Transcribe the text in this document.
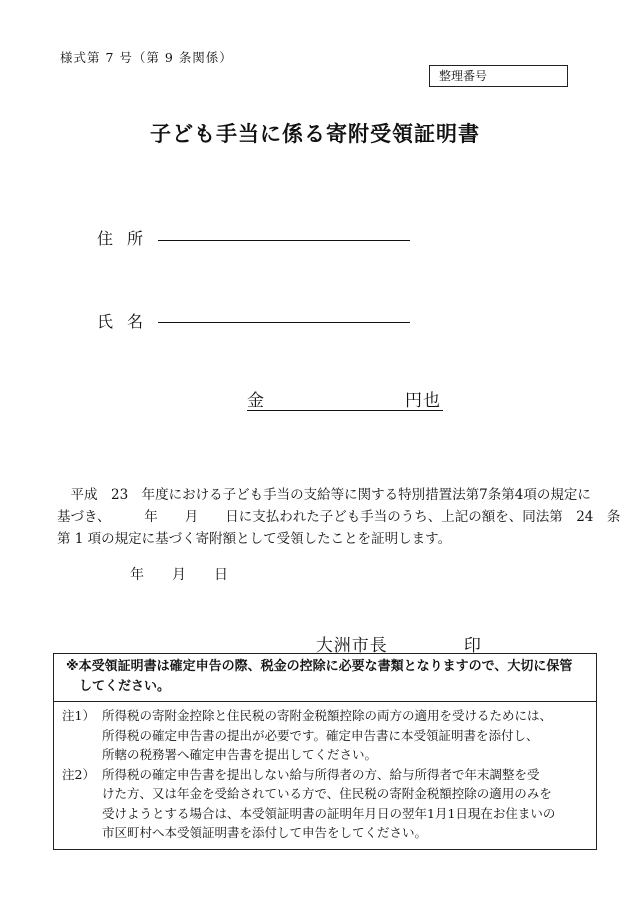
様式第 7 号（第 9 条関係）
整理番号
子ども手当に係る寄附受領証明書
住所
氏名
金	円也

　平成　23　年度における子ども手当の支給等に関する特別措置法第7条第4項の規定に

基づき、　　　年　　月　　日に支払われた子ども手当のうち、上記の額を、同法第　24　条

第 1 項の規定に基づく寄附額として受領したことを証明します。

年　　月　　日

大洲市長	印

※本受領証明書は確定申告の際、税金の控除に必要な書類となりますので、大切に保管
してください。
注1） 所得税の寄附金控除と住民税の寄附金税額控除の両方の適用を受けるためには、
所得税の確定申告書の提出が必要です。確定申告書に本受領証明書を添付し、
所轄の税務署へ確定申告書を提出してください。
注2） 所得税の確定申告書を提出しない給与所得者の方、給与所得者で年末調整を受
けた方、又は年金を受給されている方で、住民税の寄附金税額控除の適用のみを
受けようとする場合は、本受領証明書の証明年月日の翌年1月1日現在お住まいの
市区町村へ本受領証明書を添付して申告をしてください。
